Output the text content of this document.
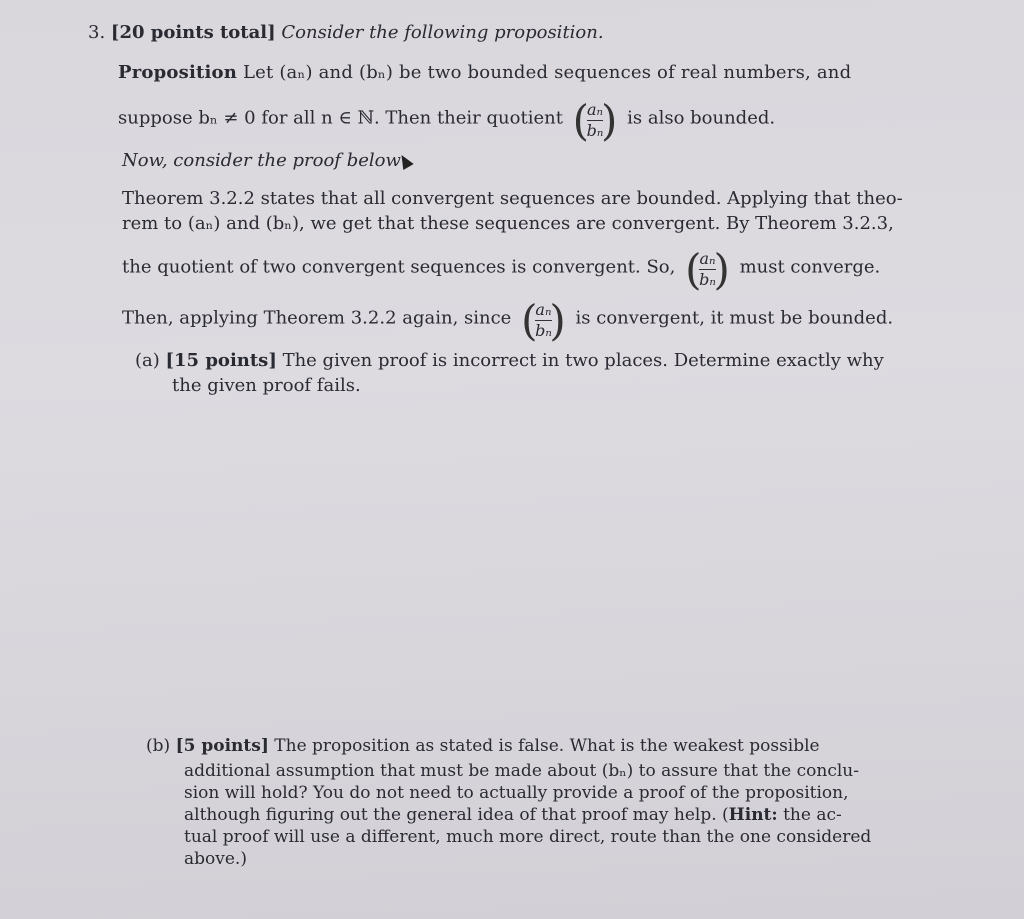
3. [20 points total] Consider the following proposition.
Proposition Let (aₙ) and (bₙ) be two bounded sequences of real numbers, and
suppose bₙ ≠ 0 for all n ∈ ℕ. Then their quotient (
aₙ
bₙ
) is also bounded.
Now, consider the proof below
Theorem 3.2.2 states that all convergent sequences are bounded. Applying that theo-
rem to (aₙ) and (bₙ), we get that these sequences are convergent. By Theorem 3.2.3,
the quotient of two convergent sequences is convergent. So, (
aₙ
bₙ
) must converge.
Then, applying Theorem 3.2.2 again, since (
aₙ
bₙ
) is convergent, it must be bounded.
(a) [15 points] The given proof is incorrect in two places. Determine exactly why
the given proof fails.
(b) [5 points] The proposition as stated is false. What is the weakest possible
additional assumption that must be made about (bₙ) to assure that the conclu-
sion will hold? You do not need to actually provide a proof of the proposition,
although figuring out the general idea of that proof may help. (Hint: the ac-
tual proof will use a different, much more direct, route than the one considered
above.)
